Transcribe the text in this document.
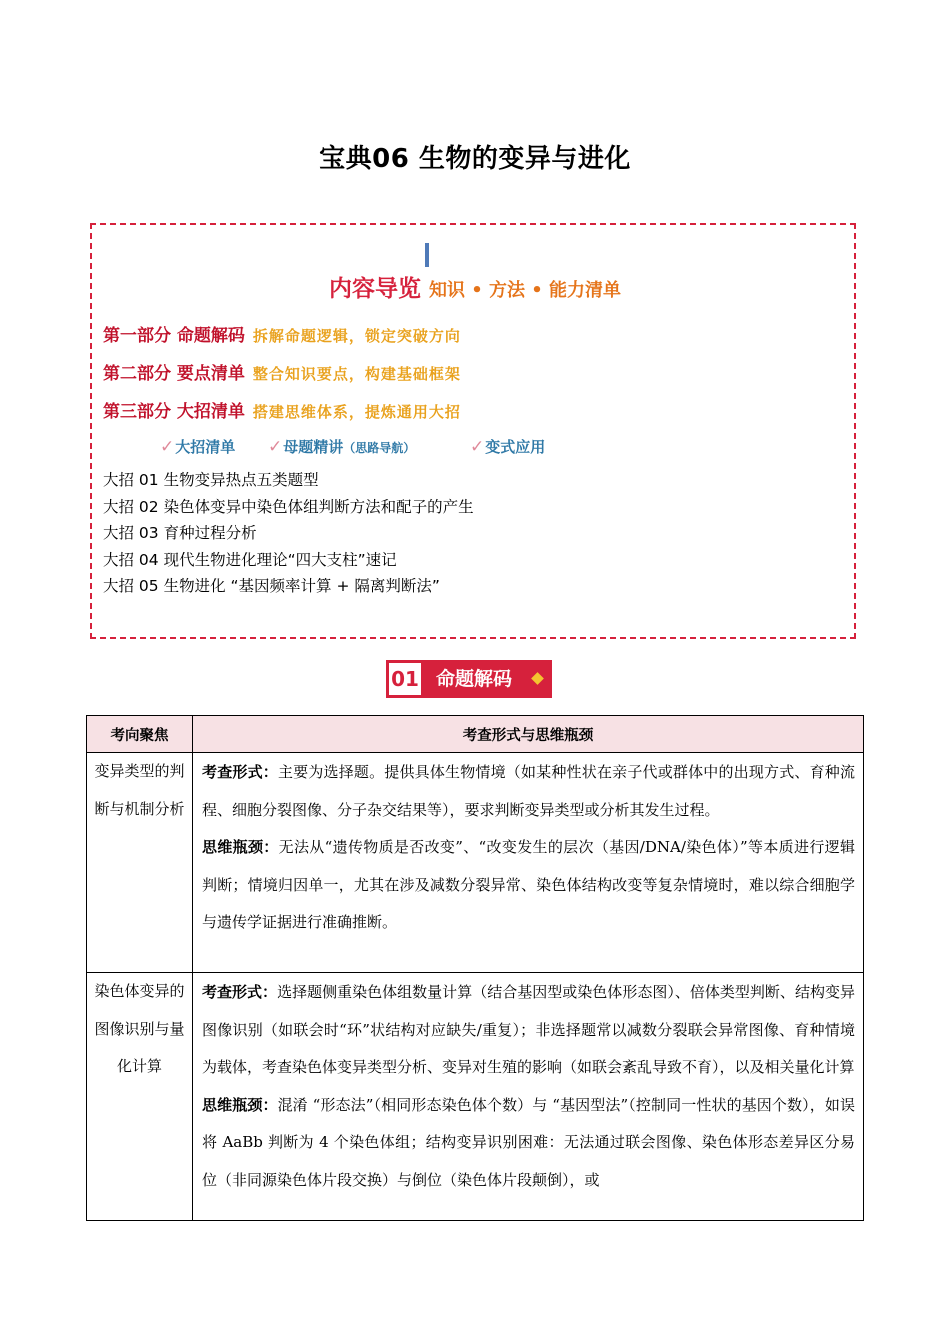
宝典06 生物的变异与进化
内容导览 知识 • 方法 • 能力清单
第一部分 命题解码 拆解命题逻辑，锁定突破方向
第二部分 要点清单 整合知识要点，构建基础框架
第三部分 大招清单 搭建思维体系，提炼通用大招
✓大招清单 ✓母题精讲（思路导航）	✓变式应用
大招 01 生物变异热点五类题型
大招 02 染色体变异中染色体组判断方法和配子的产生
大招 03 育种过程分析
大招 04 现代生物进化理论“四大支柱”速记
大招 05 生物进化 “基因频率计算 + 隔离判断法”
01 命题解码
考向聚焦	考查形式与思维瓶颈
变异类型的判断与机制分析	考查形式：主要为选择题。提供具体生物情境（如某种性状在亲子代或群体中的出现方式、育种流程、细胞分裂图像、分子杂交结果等），要求判断变异类型或分析其发生过程。
思维瓶颈：无法从“遗传物质是否改变”、“改变发生的层次（基因/DNA/染色体）”等本质进行逻辑判断；情境归因单一，尤其在涉及减数分裂异常、染色体结构改变等复杂情境时，难以综合细胞学与遗传学证据进行准确推断。

染色体变异的图像识别与量化计算	考查形式：选择题侧重染色体组数量计算（结合基因型或染色体形态图）、倍体类型判断、结构变异图像识别（如联会时“环”状结构对应缺失/重复）；非选择题常以减数分裂联会异常图像、育种情境为载体，考查染色体变异类型分析、变异对生殖的影响（如联会紊乱导致不育），以及相关量化计算
思维瓶颈：混淆 “形态法”（相同形态染色体个数）与 “基因型法”（控制同一性状的基因个数），如误将 AaBb 判断为 4 个染色体组；结构变异识别困难：无法通过联会图像、染色体形态差异区分易位（非同源染色体片段交换）与倒位（染色体片段颠倒），或
